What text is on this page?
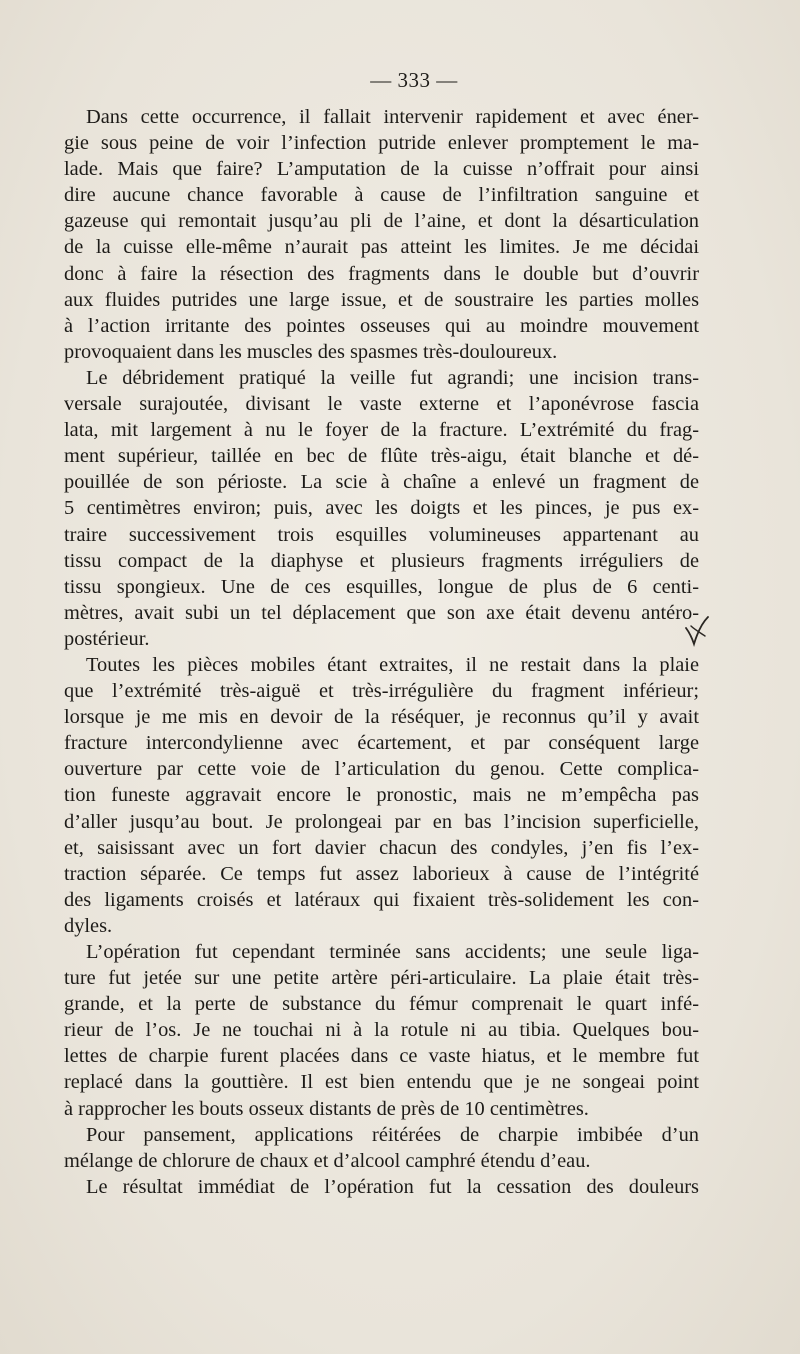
— 333 —
Dans cette occurrence, il fallait intervenir rapidement et avec éner-
gie sous peine de voir l’infection putride enlever promptement le ma-
lade. Mais que faire? L’amputation de la cuisse n’offrait pour ainsi
dire aucune chance favorable à cause de l’infiltration sanguine et
gazeuse qui remontait jusqu’au pli de l’aine, et dont la désarticulation
de la cuisse elle-même n’aurait pas atteint les limites. Je me décidai
donc à faire la résection des fragments dans le double but d’ouvrir
aux fluides putrides une large issue, et de soustraire les parties molles
à l’action irritante des pointes osseuses qui au moindre mouvement
provoquaient dans les muscles des spasmes très-douloureux.
Le débridement pratiqué la veille fut agrandi; une incision trans-
versale surajoutée, divisant le vaste externe et l’aponévrose fascia
lata, mit largement à nu le foyer de la fracture. L’extrémité du frag-
ment supérieur, taillée en bec de flûte très-aigu, était blanche et dé-
pouillée de son périoste. La scie à chaîne a enlevé un fragment de
5 centimètres environ; puis, avec les doigts et les pinces, je pus ex-
traire successivement trois esquilles volumineuses appartenant au
tissu compact de la diaphyse et plusieurs fragments irréguliers de
tissu spongieux. Une de ces esquilles, longue de plus de 6 centi-
mètres, avait subi un tel déplacement que son axe était devenu antéro-
postérieur.
Toutes les pièces mobiles étant extraites, il ne restait dans la plaie
que l’extrémité très-aiguë et très-irrégulière du fragment inférieur;
lorsque je me mis en devoir de la réséquer, je reconnus qu’il y avait
fracture intercondylienne avec écartement, et par conséquent large
ouverture par cette voie de l’articulation du genou. Cette complica-
tion funeste aggravait encore le pronostic, mais ne m’empêcha pas
d’aller jusqu’au bout. Je prolongeai par en bas l’incision superficielle,
et, saisissant avec un fort davier chacun des condyles, j’en fis l’ex-
traction séparée. Ce temps fut assez laborieux à cause de l’intégrité
des ligaments croisés et latéraux qui fixaient très-solidement les con-
dyles.
L’opération fut cependant terminée sans accidents; une seule liga-
ture fut jetée sur une petite artère péri-articulaire. La plaie était très-
grande, et la perte de substance du fémur comprenait le quart infé-
rieur de l’os. Je ne touchai ni à la rotule ni au tibia. Quelques bou-
lettes de charpie furent placées dans ce vaste hiatus, et le membre fut
replacé dans la gouttière. Il est bien entendu que je ne songeai point
à rapprocher les bouts osseux distants de près de 10 centimètres.
Pour pansement, applications réitérées de charpie imbibée d’un
mélange de chlorure de chaux et d’alcool camphré étendu d’eau.
Le résultat immédiat de l’opération fut la cessation des douleurs
